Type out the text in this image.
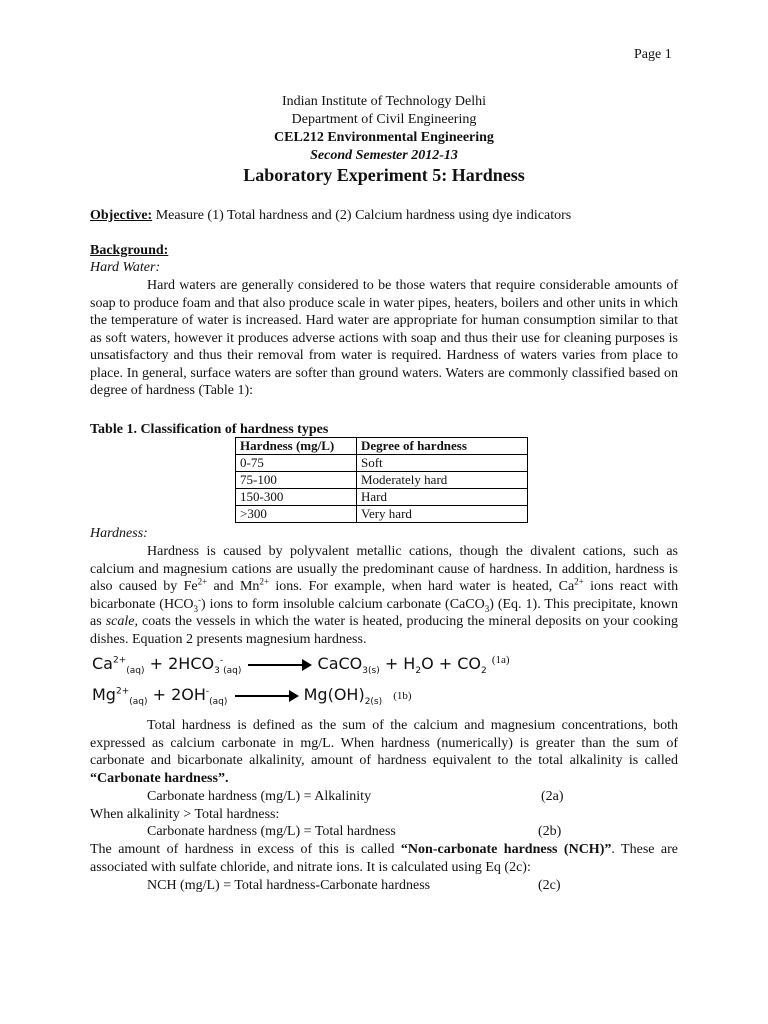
Page 1
Indian Institute of Technology Delhi
Department of Civil Engineering
CEL212 Environmental Engineering
Second Semester 2012-13
Laboratory Experiment 5: Hardness
Objective: Measure (1) Total hardness and (2) Calcium hardness using dye indicators
Background:
Hard Water:
Hard waters are generally considered to be those waters that require considerable amounts of soap to produce foam and that also produce scale in water pipes, heaters, boilers and other units in which the temperature of water is increased. Hard water are appropriate for human consumption similar to that as soft waters, however it produces adverse actions with soap and thus their use for cleaning purposes is unsatisfactory and thus their removal from water is required. Hardness of waters varies from place to place. In general, surface waters are softer than ground waters. Waters are commonly classified based on degree of hardness (Table 1):
Table 1. Classification of hardness types
Hardness (mg/L)	Degree of hardness
0-75	Soft
75-100	Moderately hard
150-300	Hard
>300	Very hard
Hardness:
Hardness is caused by polyvalent metallic cations, though the divalent cations, such as calcium and magnesium cations are usually the predominant cause of hardness. In addition, hardness is also caused by $Fe^{2+}$ and $Mn^{2+}$ ions. For example, when hard water is heated, $Ca^{2+}$ ions react with bicarbonate $(HCO_3^-)$ ions to form insoluble calcium carbonate (CaCO$_3$) (Eq. 1). This precipitate, known as scale, coats the vessels in which the water is heated, producing the mineral deposits on your cooking dishes. Equation 2 presents magnesium hardness.
$Ca^{2+}_{(aq)} + 2HCO_3^-_{(aq)}$ → CaCO$_{3(s)}$ + $H_2O + CO_2$ $^{(1a)}$
$Mg^{2+}_{(aq)} + 2OH^-_{(aq)} \to Mg(OH)_{2(s)}$ (1b)
Total hardness is defined as the sum of the calcium and magnesium concentrations, both expressed as calcium carbonate in mg/L. When hardness (numerically) is greater than the sum of carbonate and bicarbonate alkalinity, amount of hardness equivalent to the total alkalinity is called “Carbonate hardness”.
Carbonate hardness (mg/L) = Alkalinity	(2a)
When alkalinity > Total hardness:
Carbonate hardness (mg/L) = Total hardness	(2b)
The amount of hardness in excess of this is called “Non-carbonate hardness (NCH)”. These are associated with sulfate chloride, and nitrate ions. It is calculated using Eq (2c):
NCH (mg/L) = Total hardness-Carbonate hardness	(2c)
